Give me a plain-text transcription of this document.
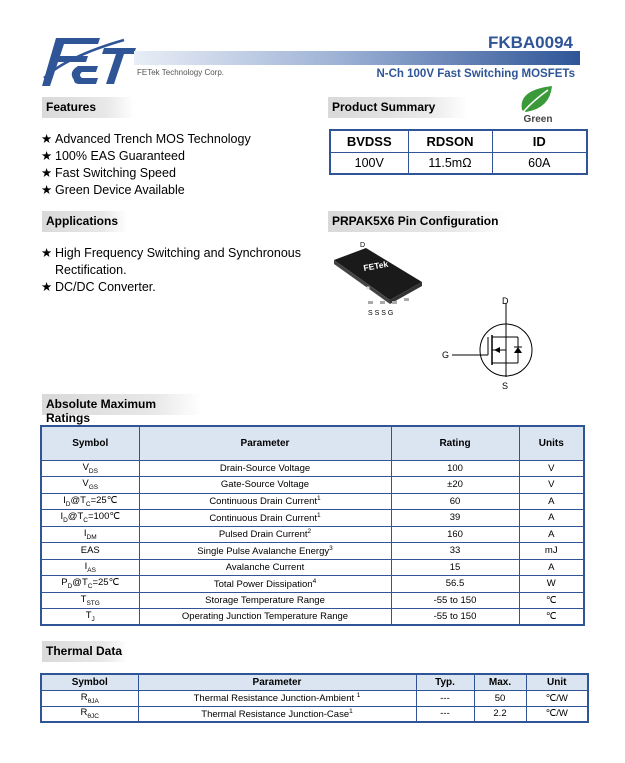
FETek Technology Corp.
FKBA0094
N-Ch 100V Fast Switching MOSFETs
Features
★ Advanced Trench MOS Technology
★ 100% EAS Guaranteed
★ Fast Switching Speed
★ Green Device Available
Product Summary
Green
BVDSS	RDSON	ID
100V	11.5mΩ	60A
Applications
★ High Frequency Switching and Synchronous
Rectification.
★ DC/DC Converter.
PRPAK5X6 Pin Configuration
D
FETek
S S S G
D
S
G
Absolute Maximum Ratings
Symbol	Parameter	Rating	Units
$V_{DS}$	Drain-Source Voltage	100	V
$V_{GS}$	Gate-Source Voltage	±20	V
$I_D@T_C=25℃$	Continuous Drain Current$^1$	60	A
$I_D@T_C=100℃$	Continuous Drain Current$^1$	39	A
$I_{DM}$	Pulsed Drain Current$^2$	160	A
EAS	Single Pulse Avalanche Energy$^3$	33	mJ
$I_{AS}$	Avalanche Current	15	A
$P_D@T_C=25℃$	Total Power Dissipation$^4$	56.5	W
$T_{STG}$	Storage Temperature Range	-55 to 150	℃
$T_J$	Operating Junction Temperature Range	-55 to 150	℃
Thermal Data
Symbol	Parameter	Typ.	Max.	Unit
$R_{\theta JA}$	Thermal Resistance Junction-Ambient $^1$	---	50	℃/W
$R_{\theta JC}$	Thermal Resistance Junction-Case$^1$	---	2.2	℃/W
